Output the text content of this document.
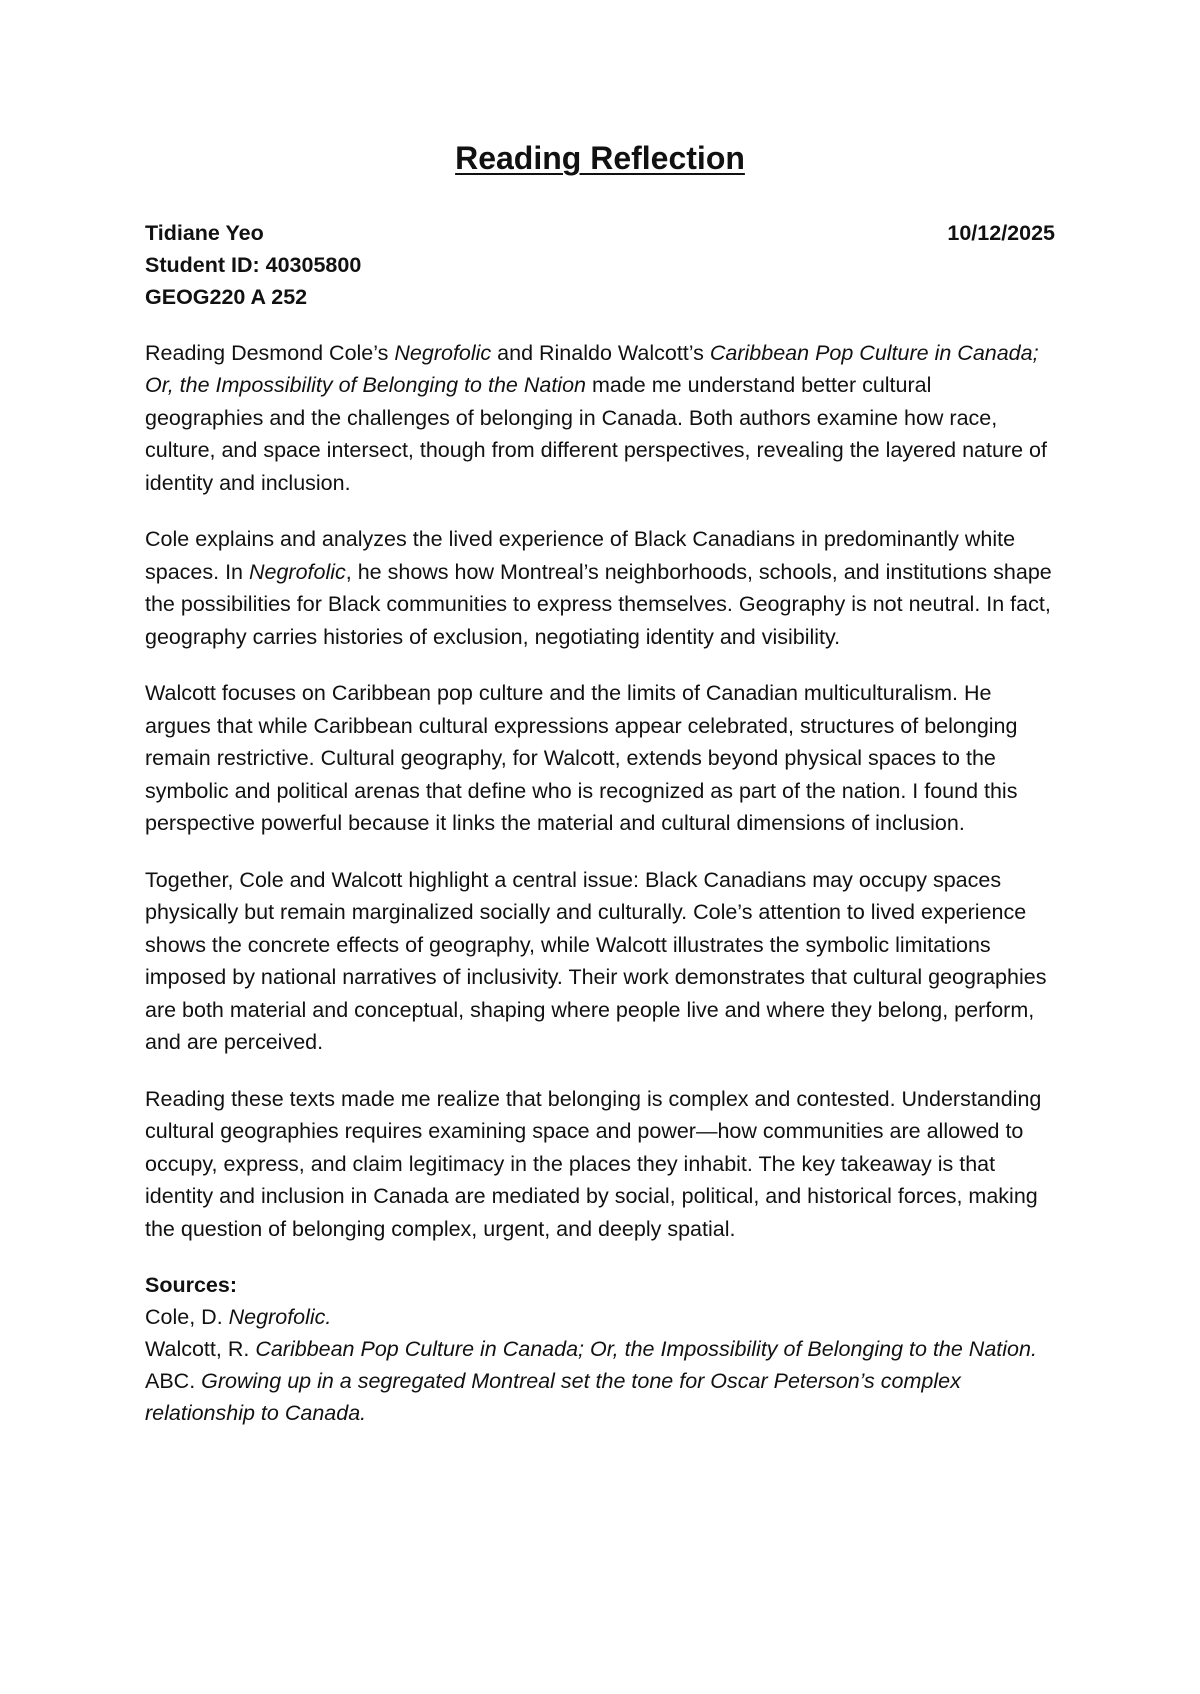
Reading Reflection
Tidiane Yeo	10/12/2025
Student ID: 40305800
GEOG220 A 252

Reading Desmond Cole’s Negrofolic and Rinaldo Walcott’s Caribbean Pop Culture in Canada; Or, the Impossibility of Belonging to the Nation made me understand better cultural geographies and the challenges of belonging in Canada. Both authors examine how race, culture, and space intersect, though from different perspectives, revealing the layered nature of identity and inclusion.

Cole explains and analyzes the lived experience of Black Canadians in predominantly white spaces. In Negrofolic, he shows how Montreal’s neighborhoods, schools, and institutions shape the possibilities for Black communities to express themselves. Geography is not neutral. In fact, geography carries histories of exclusion, negotiating identity and visibility.

Walcott focuses on Caribbean pop culture and the limits of Canadian multiculturalism. He argues that while Caribbean cultural expressions appear celebrated, structures of belonging remain restrictive. Cultural geography, for Walcott, extends beyond physical spaces to the symbolic and political arenas that define who is recognized as part of the nation. I found this perspective powerful because it links the material and cultural dimensions of inclusion.

Together, Cole and Walcott highlight a central issue: Black Canadians may occupy spaces physically but remain marginalized socially and culturally. Cole’s attention to lived experience shows the concrete effects of geography, while Walcott illustrates the symbolic limitations imposed by national narratives of inclusivity. Their work demonstrates that cultural geographies are both material and conceptual, shaping where people live and where they belong, perform, and are perceived.

Reading these texts made me realize that belonging is complex and contested. Understanding cultural geographies requires examining space and power—how communities are allowed to occupy, express, and claim legitimacy in the places they inhabit. The key takeaway is that identity and inclusion in Canada are mediated by social, political, and historical forces, making the question of belonging complex, urgent, and deeply spatial.

Sources:
Cole, D. Negrofolic.
Walcott, R. Caribbean Pop Culture in Canada; Or, the Impossibility of Belonging to the Nation.
ABC. Growing up in a segregated Montreal set the tone for Oscar Peterson’s complex relationship to Canada.
